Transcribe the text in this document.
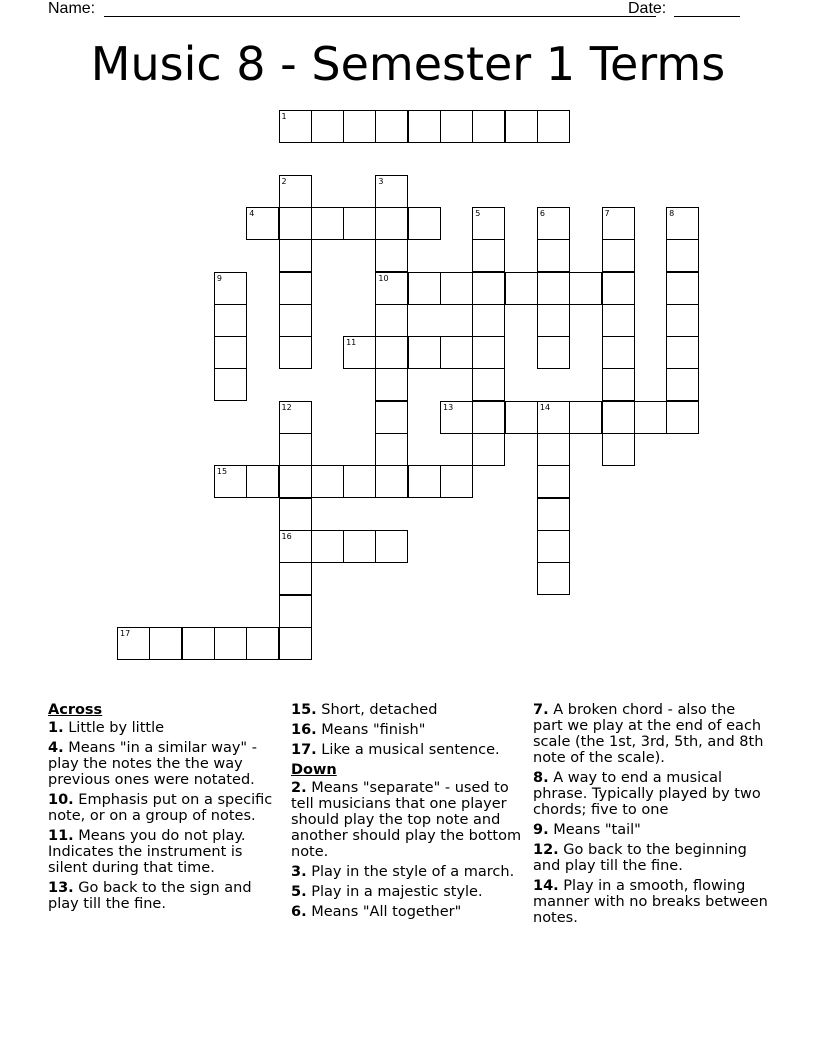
Name:	Date:
Music 8 - Semester 1 Terms
1
2	3
10
4	5	6	7	8
9
11
12
16
13	14
15
17
Across
1. Little by little
4. Means "in a similar way" - play the notes the the way previous ones were notated.
10. Emphasis put on a specific note, or on a group of notes.
11. Means you do not play. Indicates the instrument is silent during that time.
13. Go back to the sign and play till the fine.
15. Short, detached
16. Means "finish"
17. Like a musical sentence.
Down
2. Means "separate" - used to tell musicians that one player should play the top note and another should play the bottom note.
3. Play in the style of a march.
5. Play in a majestic style.
6. Means "All together"
7. A broken chord - also the part we play at the end of each scale (the 1st, 3rd, 5th, and 8th note of the scale).
8. A way to end a musical phrase. Typically played by two chords; five to one
9. Means "tail"
12. Go back to the beginning and play till the fine.
14. Play in a smooth, flowing manner with no breaks between notes.
